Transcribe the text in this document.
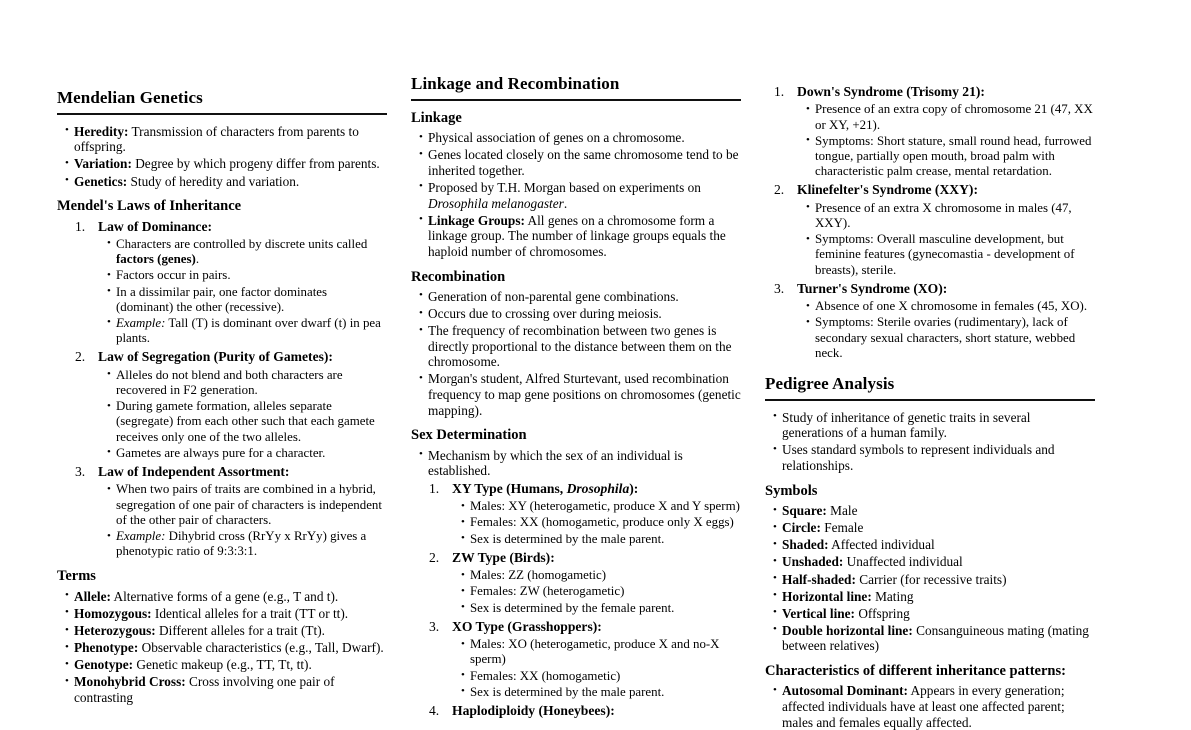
Mendelian Genetics
• Heredity: Transmission of characters from parents to offspring.
• Variation: Degree by which progeny differ from parents.
• Genetics: Study of heredity and variation.
Mendel's Laws of Inheritance
Law of Dominance:
• Characters are controlled by discrete units called factors (genes).
• Factors occur in pairs.
• In a dissimilar pair, one factor dominates (dominant) the other (recessive).
• Example: Tall (T) is dominant over dwarf (t) in pea plants.
Law of Segregation (Purity of Gametes):
• Alleles do not blend and both characters are recovered in F2 generation.
• During gamete formation, alleles separate (segregate) from each other such that each gamete receives only one of the two alleles.
• Gametes are always pure for a character.
Law of Independent Assortment:
• When two pairs of traits are combined in a hybrid, segregation of one pair of characters is independent of the other pair of characters.
• Example: Dihybrid cross (RrYy x RrYy) gives a phenotypic ratio of 9:3:3:1.
Terms
• Allele: Alternative forms of a gene (e.g., T and t).
• Homozygous: Identical alleles for a trait (TT or tt).
• Heterozygous: Different alleles for a trait (Tt).
• Phenotype: Observable characteristics (e.g., Tall, Dwarf).
• Genotype: Genetic makeup (e.g., TT, Tt, tt).
• Monohybrid Cross: Cross involving one pair of contrasting
Linkage and Recombination
Linkage
• Physical association of genes on a chromosome.
• Genes located closely on the same chromosome tend to be inherited together.
• Proposed by T.H. Morgan based on experiments on Drosophila melanogaster.
• Linkage Groups: All genes on a chromosome form a linkage group. The number of linkage groups equals the haploid number of chromosomes.
Recombination
• Generation of non-parental gene combinations.
• Occurs due to crossing over during meiosis.
• The frequency of recombination between two genes is directly proportional to the distance between them on the chromosome.
• Morgan's student, Alfred Sturtevant, used recombination frequency to map gene positions on chromosomes (genetic mapping).
Sex Determination
• Mechanism by which the sex of an individual is established.
XY Type (Humans, Drosophila):
• Males: XY (heterogametic, produce X and Y sperm)
• Females: XX (homogametic, produce only X eggs)
• Sex is determined by the male parent.
ZW Type (Birds):
• Males: ZZ (homogametic)
• Females: ZW (heterogametic)
• Sex is determined by the female parent.
XO Type (Grasshoppers):
• Males: XO (heterogametic, produce X and no-X sperm)
• Females: XX (homogametic)
• Sex is determined by the male parent.
Haplodiploidy (Honeybees):
Down's Syndrome (Trisomy 21):
• Presence of an extra copy of chromosome 21 (47, XX or XY, +21).
• Symptoms: Short stature, small round head, furrowed tongue, partially open mouth, broad palm with characteristic palm crease, mental retardation.
Klinefelter's Syndrome (XXY):
• Presence of an extra X chromosome in males (47, XXY).
• Symptoms: Overall masculine development, but feminine features (gynecomastia - development of breasts), sterile.
Turner's Syndrome (XO):
• Absence of one X chromosome in females (45, XO).
• Symptoms: Sterile ovaries (rudimentary), lack of secondary sexual characters, short stature, webbed neck.
Pedigree Analysis
• Study of inheritance of genetic traits in several generations of a human family.
• Uses standard symbols to represent individuals and relationships.
Symbols
• Square: Male
• Circle: Female
• Shaded: Affected individual
• Unshaded: Unaffected individual
• Half-shaded: Carrier (for recessive traits)
• Horizontal line: Mating
• Vertical line: Offspring
• Double horizontal line: Consanguineous mating (mating between relatives)
Characteristics of different inheritance patterns:
• Autosomal Dominant: Appears in every generation; affected individuals have at least one affected parent; males and females equally affected.
